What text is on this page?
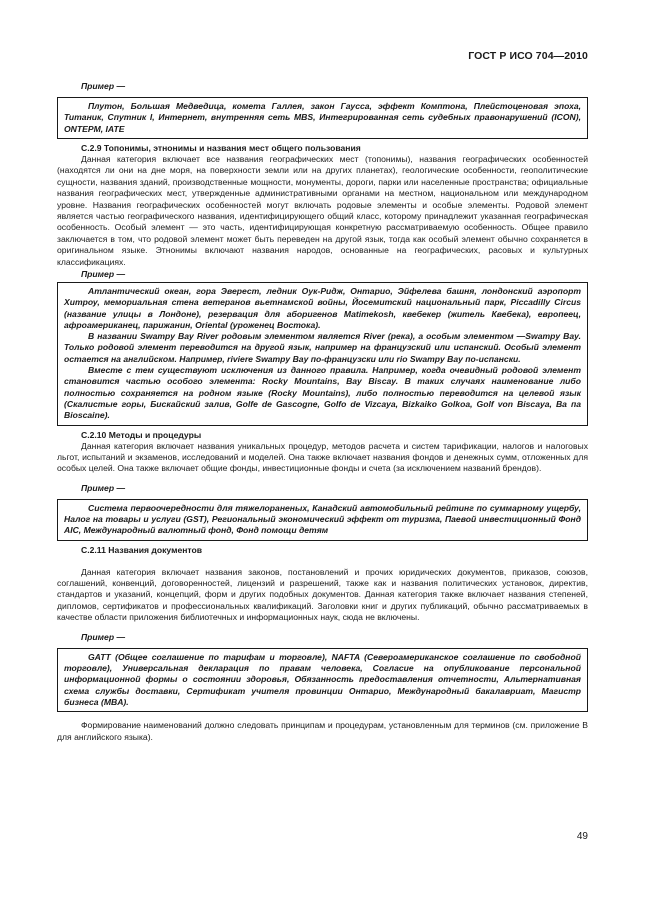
ГОСТ Р ИСО 704—2010
Пример —

Плутон, Большая Медведица, комета Галлея, закон Гаусса, эффект Комптона, Плейстоценовая эпоха, Титаник, Спутник I, Интернет, внутренняя сеть MBS, Интегрированная сеть судебных правонарушений (ICON), ONTEPM, IATE

С.2.9 Топонимы, этнонимы и названия мест общего пользования

Данная категория включает все названия географических мест (топонимы), названия географических особенностей (находятся ли они на дне моря, на поверхности земли или на других планетах), геологические особенности, геополитические сущности, названия зданий, производственные мощности, монументы, дороги, парки или населенные пространства; официальные названия географических мест, утвержденные административными органами на местном, национальном или международном уровне. Названия географических особенностей могут включать родовые элементы и особые элементы. Родовой элемент является частью географического названия, идентифицирующего общий класс, которому принадлежит указанная географическая особенность. Особый элемент — это часть, идентифицирующая конкретную рассматриваемую особенность. Общее правило заключается в том, что родовой элемент может быть переведен на другой язык, тогда как особый элемент обычно сохраняется в оригинальном языке. Этнонимы включают названия народов, основанные на географических, расовых и культурных классификациях.

Пример —

Атлантический океан, гора Эверест, ледник Оук-Ридж, Онтарио, Эйфелева башня, лондонский аэропорт Хитроу, мемориальная стена ветеранов вьетнамской войны, Йосемитский национальный парк, Piccadilly Circus (название улицы в Лондоне), резервация для аборигенов Matimekosh, квебекер (житель Квебека), европеец, афроамериканец, парижанин, Oriental (уроженец Востока).

В названии Swampy Bay River родовым элементом является River (река), а особым элементом —Swampy Bay. Только родовой элемент переводится на другой язык, например на французский или испанский. Особый элемент остается на английском. Например, riviere Swampy Bay по-французски или rio Swampy Bay по-испански.

Вместе с тем существуют исключения из данного правила. Например, когда очевидный родовой элемент становится частью особого элемента: Rocky Mountains, Bay Biscay. В таких случаях наименование либо полностью сохраняется на родном языке (Rocky Mountains), либо полностью переводится на целевой язык (Скалистые горы, Бискайский залив, Golfe de Gascogne, Golfo de Vizcaya, Bizkaiko Golkoa, Golf von Biscaya, Ba па Bioscaine).

С.2.10 Методы и процедуры

Данная категория включает названия уникальных процедур, методов расчета и систем тарификации, налогов и налоговых льгот, испытаний и экзаменов, исследований и моделей. Она также включает названия фондов и денежных сумм, отложенных для особых целей. Она также включает общие фонды, инвестиционные фонды и счета (за исключением названий брендов).

Пример —

Система первоочередности для тяжелораненых, Канадский автомобильный рейтинг по суммарному ущербу, Налог на товары и услуги (GST), Региональный экономический эффект от туризма, Паевой инвестиционный Фонд AIC, Международный валютный фонд, Фонд помощи детям

С.2.11 Названия документов

Данная категория включает названия законов, постановлений и прочих юридических документов, приказов, союзов, соглашений, конвенций, договоренностей, лицензий и разрешений, также как и названия политических установок, директив, стандартов и указаний, концепций, форм и других подобных документов. Данная категория также включает названия степеней, дипломов, сертификатов и профессиональных квалификаций. Заголовки книг и других публикаций, обычно рассматриваемых в качестве области приложения библиотечных и информационных наук, сюда не включены.

Пример —

GATT (Общее соглашение по тарифам и торговле), NAFTA (Североамериканское соглашение по свободной торговле), Универсальная декларация по правам человека, Согласие на опубликование персональной информационной формы о состоянии здоровья, Обязанность предоставления отчетности, Альтернативная схема службы доставки, Сертификат учителя провинции Онтарио, Международный бакалавриат, Магистр бизнеса (MBA).

Формирование наименований должно следовать принципам и процедурам, установленным для терминов (см. приложение В для английского языка).

49
